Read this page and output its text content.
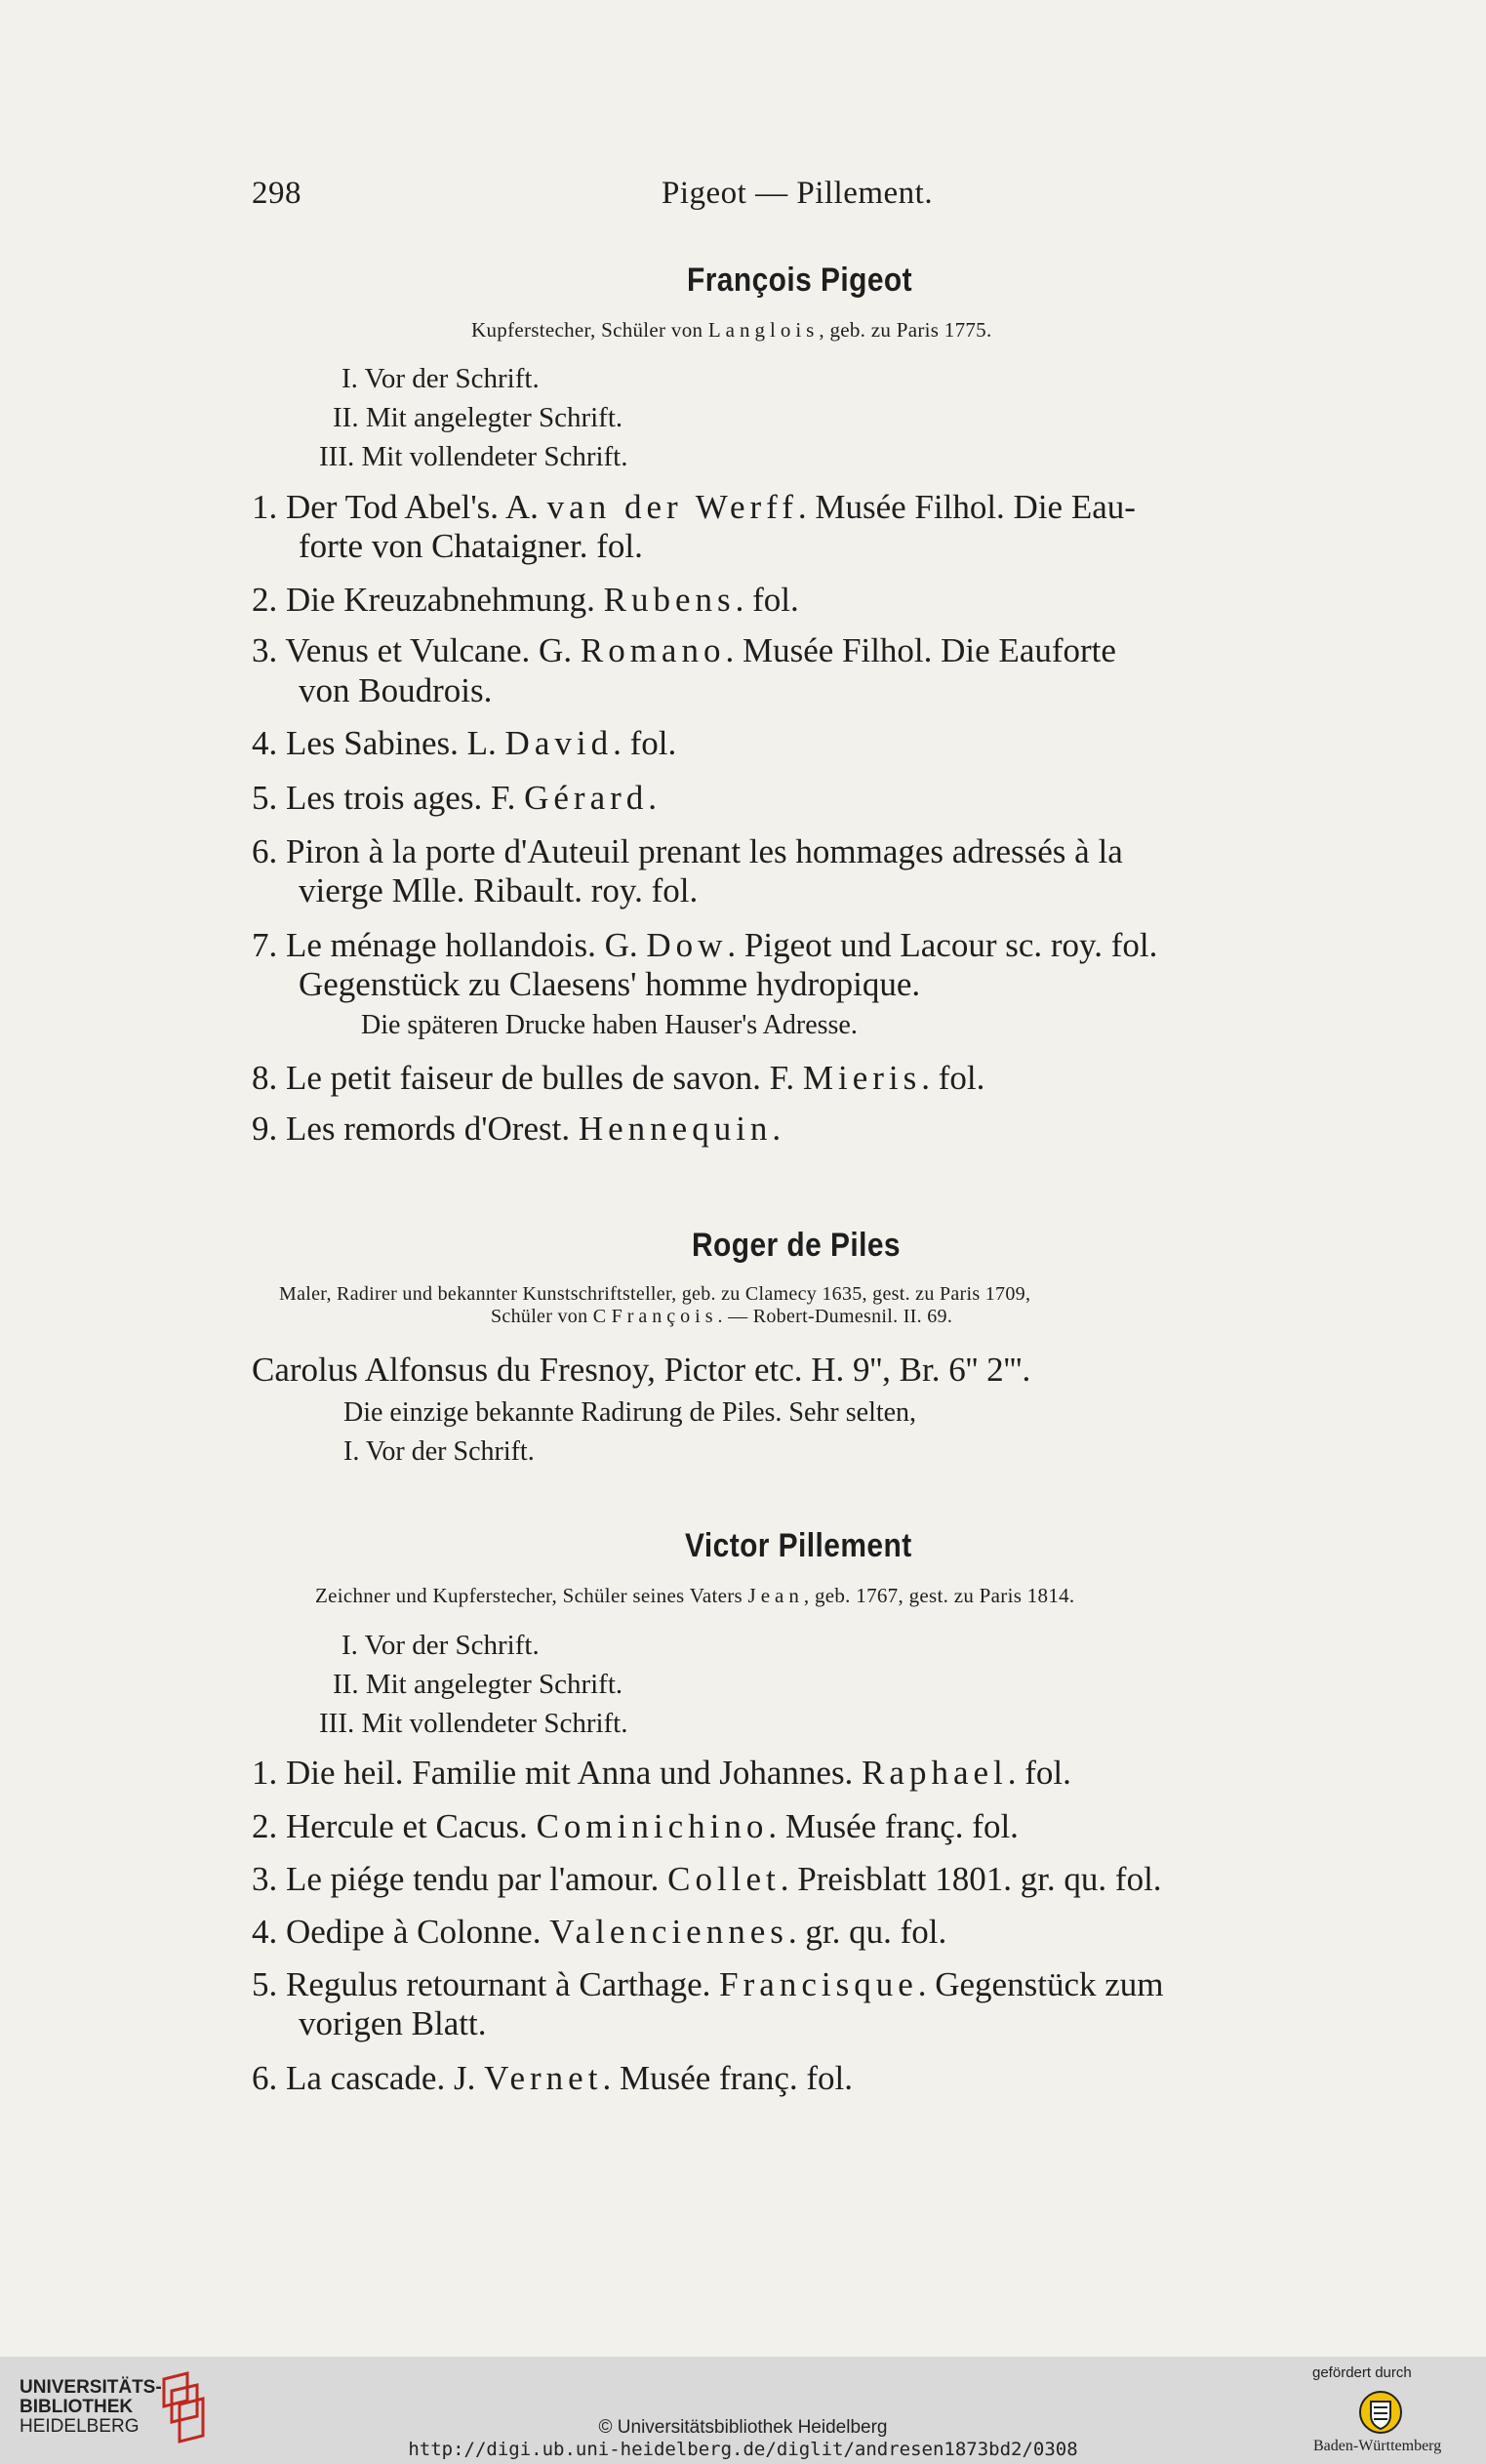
298	Pigeot — Pillement.
François Pigeot
Kupferstecher, Schüler von Langlois, geb. zu Paris 1775.
I. Vor der Schrift.
II. Mit angelegter Schrift.
III. Mit vollendeter Schrift.
1. Der Tod Abel's. A. van der Werff. Musée Filhol. Die Eau-
forte von Chataigner. fol.
2. Die Kreuzabnehmung. Rubens. fol.
3. Venus et Vulcane. G. Romano. Musée Filhol. Die Eauforte
von Boudrois.
4. Les Sabines. L. David. fol.
5. Les trois ages. F. Gérard.
6. Piron à la porte d'Auteuil prenant les hommages adressés à la
vierge Mlle. Ribault. roy. fol.
7. Le ménage hollandois. G. Dow. Pigeot und Lacour sc. roy. fol.
Gegenstück zu Claesens' homme hydropique.
Die späteren Drucke haben Hauser's Adresse.
8. Le petit faiseur de bulles de savon. F. Mieris. fol.
9. Les remords d'Orest. Hennequin.
Roger de Piles
Maler, Radirer und bekannter Kunstschriftsteller, geb. zu Clamecy 1635, gest. zu Paris 1709,
Schüler von C François. — Robert-Dumesnil. II. 69.
Carolus Alfonsus du Fresnoy, Pictor etc. H. 9'', Br. 6'' 2'''.
Die einzige bekannte Radirung de Piles. Sehr selten,
I. Vor der Schrift.
Victor Pillement
Zeichner und Kupferstecher, Schüler seines Vaters Jean, geb. 1767, gest. zu Paris 1814.
I. Vor der Schrift.
II. Mit angelegter Schrift.
III. Mit vollendeter Schrift.
1. Die heil. Familie mit Anna und Johannes. Raphael. fol.
2. Hercule et Cacus. Cominichino. Musée franç. fol.
3. Le piége tendu par l'amour. Collet. Preisblatt 1801. gr. qu. fol.
4. Oedipe à Colonne. Valenciennes. gr. qu. fol.
5. Regulus retournant à Carthage. Francisque. Gegenstück zum
vorigen Blatt.
6. La cascade. J. Vernet. Musée franç. fol.
UNIVERSITÄTS-
BIBLIOTHEK
HEIDELBERG	© Universitätsbibliothek Heidelberg
http://digi.ub.uni-heidelberg.de/diglit/andresen1873bd2/0308
gefördert durch
Baden-Württemberg
